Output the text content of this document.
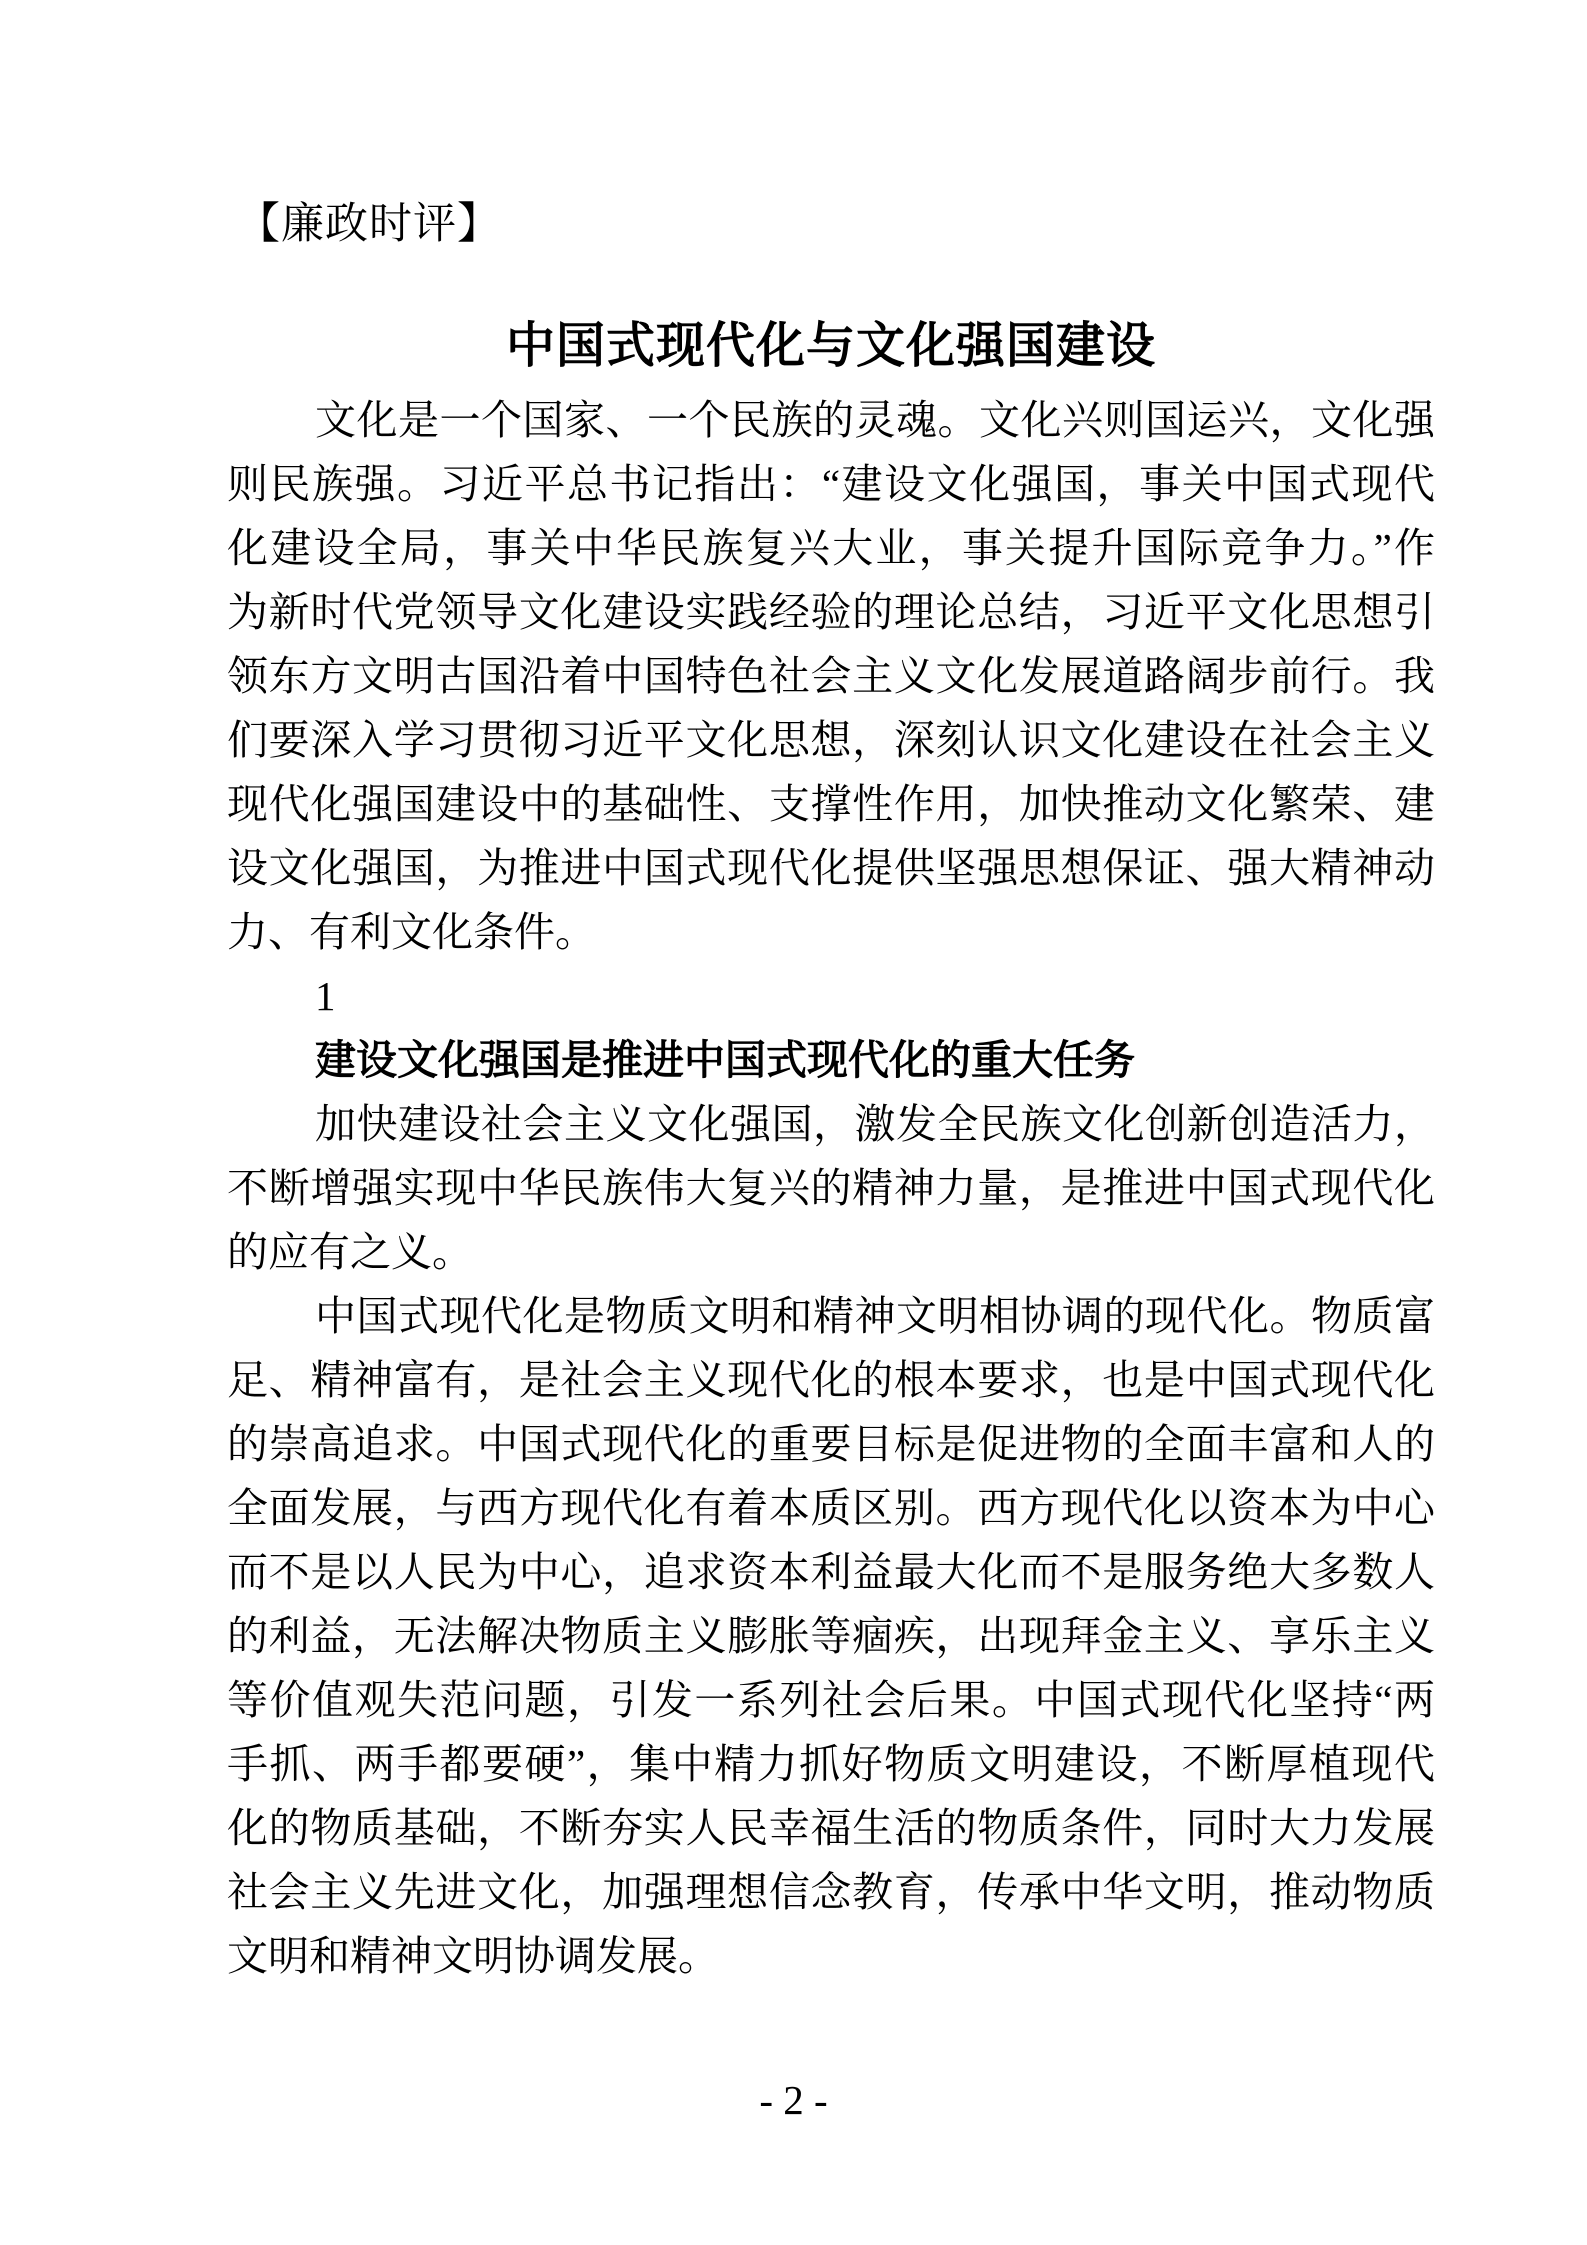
【廉政时评】
中国式现代化与文化强国建设
文化是一个国家、一个民族的灵魂。文化兴则国运兴，文化强
则民族强。习近平总书记指出：“建设文化强国，事关中国式现代
化建设全局，事关中华民族复兴大业，事关提升国际竞争力。”作
为新时代党领导文化建设实践经验的理论总结，习近平文化思想引
领东方文明古国沿着中国特色社会主义文化发展道路阔步前行。我
们要深入学习贯彻习近平文化思想，深刻认识文化建设在社会主义
现代化强国建设中的基础性、支撑性作用，加快推动文化繁荣、建
设文化强国，为推进中国式现代化提供坚强思想保证、强大精神动
力、有利文化条件。
1
建设文化强国是推进中国式现代化的重大任务
加快建设社会主义文化强国，激发全民族文化创新创造活力，
不断增强实现中华民族伟大复兴的精神力量，是推进中国式现代化
的应有之义。
中国式现代化是物质文明和精神文明相协调的现代化。物质富
足、精神富有，是社会主义现代化的根本要求，也是中国式现代化
的崇高追求。中国式现代化的重要目标是促进物的全面丰富和人的
全面发展，与西方现代化有着本质区别。西方现代化以资本为中心
而不是以人民为中心，追求资本利益最大化而不是服务绝大多数人
的利益，无法解决物质主义膨胀等痼疾，出现拜金主义、享乐主义
等价值观失范问题，引发一系列社会后果。中国式现代化坚持“两
手抓、两手都要硬”，集中精力抓好物质文明建设，不断厚植现代
化的物质基础，不断夯实人民幸福生活的物质条件，同时大力发展
社会主义先进文化，加强理想信念教育，传承中华文明，推动物质
文明和精神文明协调发展。
- 2 -
